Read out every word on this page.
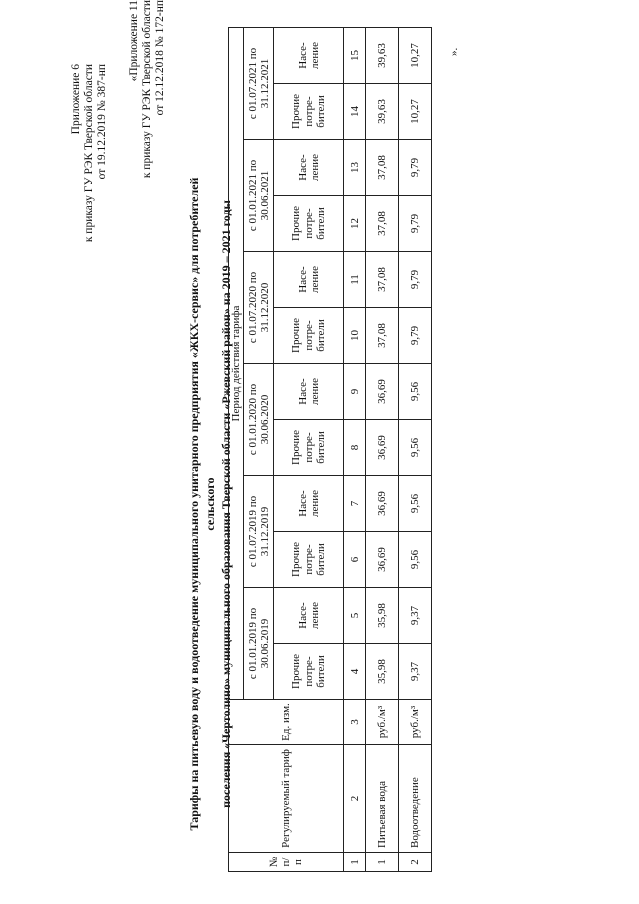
Приложение 6 к приказу ГУ РЭК Тверской области от 19.12.2019 № 387-нп
«Приложение 11 к приказу ГУ РЭК Тверской области от 12.12.2018 № 172-нп
Тарифы на питьевую воду и водоотведение муниципального унитарного предприятия «ЖКХ-сервис» для потребителей сельского поселения «Чертолино» муниципального образования Тверской области «Ржевский район» на 2019 – 2021 годы
№ п/п	Регулируемый тариф	Ед. изм.	Период действия тарифа											
			с 01.01.2019 по 30.06.2019		с 01.07.2019 по 31.12.2019		с 01.01.2020 по 30.06.2020		с 01.07.2020 по 31.12.2020		с 01.01.2021 по 30.06.2021		с 01.07.2021 по 31.12.2021	
			Прочие потре-бители	Насе-ление	Прочие потре-бители	Насе-ление	Прочие потре-бители	Насе-ление	Прочие потре-бители	Насе-ление	Прочие потре-бители	Насе-ление	Прочие потре-бители	Насе-ление
1	2	3	4	5	6	7	8	9	10	11	12	13	14	15
1	Питьевая вода	руб./м³	35,98	35,98	36,69	36,69	36,69	36,69	37,08	37,08	37,08	37,08	39,63	39,63
2	Водоотведение	руб./м³	9,37	9,37	9,56	9,56	9,56	9,56	9,79	9,79	9,79	9,79	10,27	10,27 ».
